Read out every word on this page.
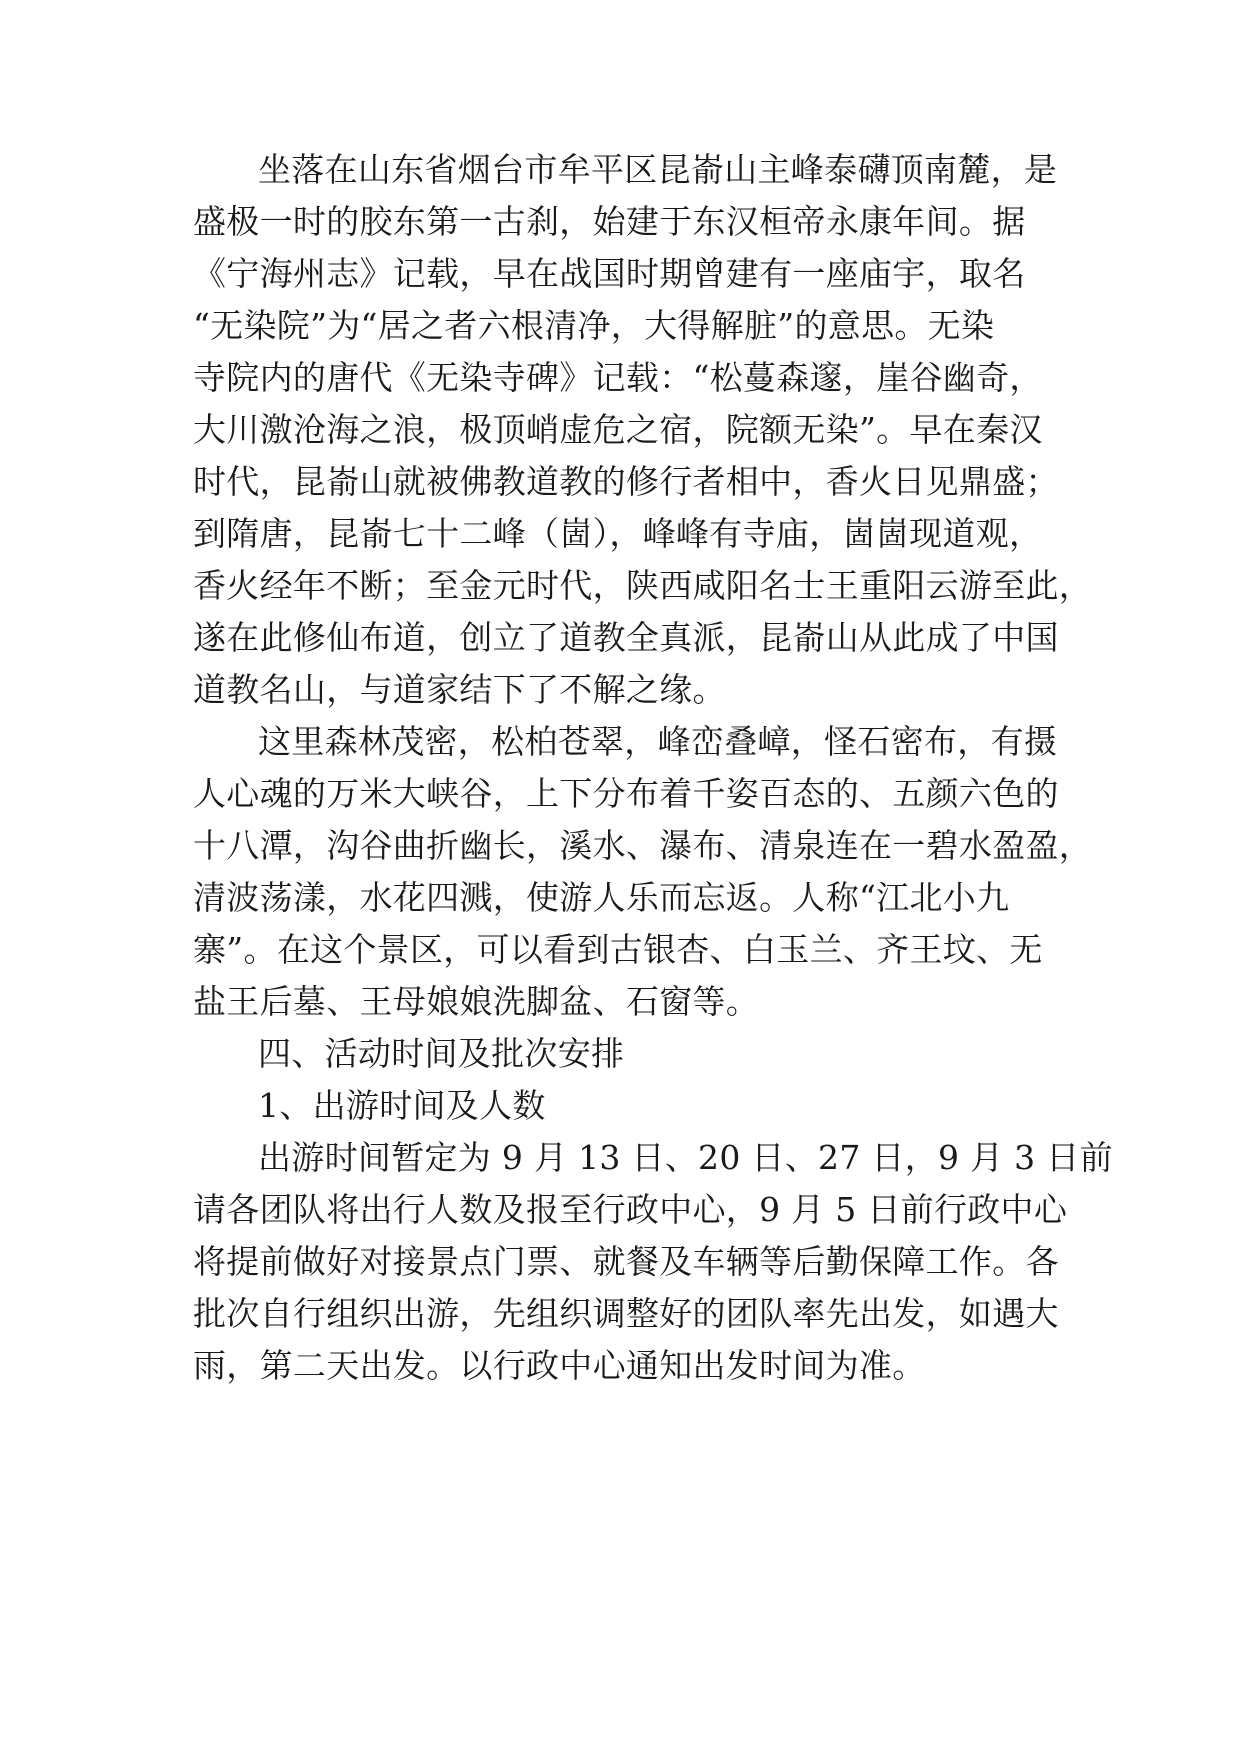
坐落在山东省烟台市牟平区昆嵛山主峰泰礴顶南麓，是
盛极一时的胶东第一古刹，始建于东汉桓帝永康年间。据
《宁海州志》记载，早在战国时期曾建有一座庙宇，取名
“无染院”为“居之者六根清净，大得解脏”的意思。无染
寺院内的唐代《无染寺碑》记载：“松蔓森邃，崖谷幽奇，
大川激沧海之浪，极顶峭虚危之宿，院额无染”。早在秦汉
时代，昆嵛山就被佛教道教的修行者相中，香火日见鼎盛；
到隋唐，昆嵛七十二峰（崮），峰峰有寺庙，崮崮现道观，
香火经年不断；至金元时代，陕西咸阳名士王重阳云游至此，
遂在此修仙布道，创立了道教全真派，昆嵛山从此成了中国
道教名山，与道家结下了不解之缘。
这里森林茂密，松柏苍翠，峰峦叠嶂，怪石密布，有摄
人心魂的万米大峡谷，上下分布着千姿百态的、五颜六色的
十八潭，沟谷曲折幽长，溪水、瀑布、清泉连在一碧水盈盈，
清波荡漾，水花四溅，使游人乐而忘返。人称“江北小九
寨”。在这个景区，可以看到古银杏、白玉兰、齐王坟、无
盐王后墓、王母娘娘洗脚盆、石窗等。
四、活动时间及批次安排
1、出游时间及人数
出游时间暂定为 9 月 13 日、20 日、27 日，9 月 3 日前
请各团队将出行人数及报至行政中心，9 月 5 日前行政中心
将提前做好对接景点门票、就餐及车辆等后勤保障工作。各
批次自行组织出游，先组织调整好的团队率先出发，如遇大
雨，第二天出发。以行政中心通知出发时间为准。
